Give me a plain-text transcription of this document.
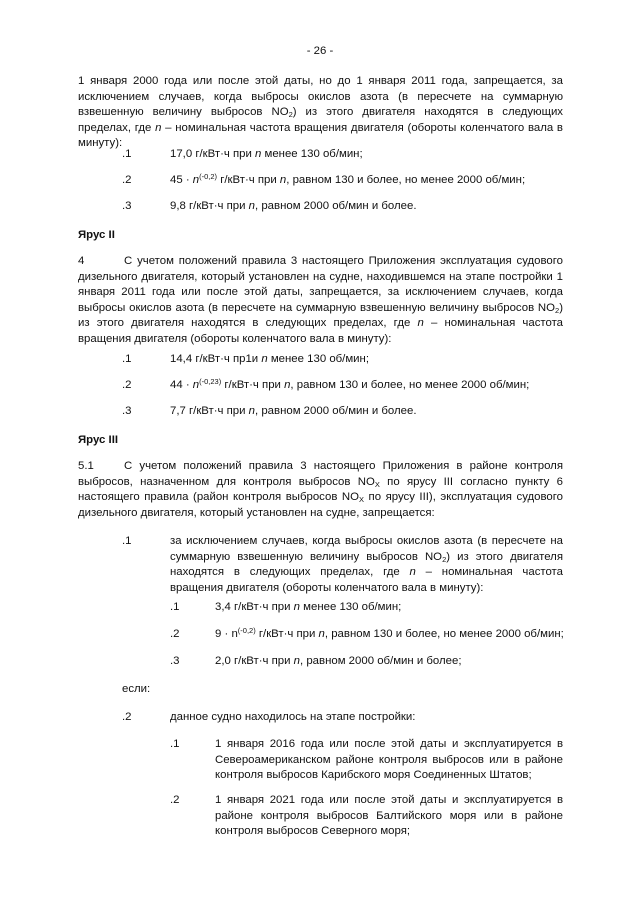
- 26 -
1 января 2000 года или после этой даты, но до 1 января 2011 года, запрещается, за исключением случаев, когда выбросы окислов азота (в пересчете на суммарную взвешенную величину выбросов $NO_2$) из этого двигателя находятся в следующих пределах, где n – номинальная частота вращения двигателя (обороты коленчатого вала в минуту):
.1	17,0 г/кВт·ч при n менее 130 об/мин;
.2	$45 \cdot n^{(-0,2)}$ г/кВт·ч при n, равном 130 и более, но менее 2000 об/мин;
.3	9,8 г/кВт·ч при n, равном 2000 об/мин и более.
Ярус II
4	С учетом положений правила 3 настоящего Приложения эксплуатация судового дизельного двигателя, который установлен на судне, находившемся на этапе постройки 1 января 2011 года или после этой даты, запрещается, за исключением случаев, когда выбросы окислов азота (в пересчете на суммарную взвешенную величину выбросов $NO_2$) из этого двигателя находятся в следующих пределах, где n – номинальная частота вращения двигателя (обороты коленчатого вала в минуту):
.1	14,4 г/кВт·ч пр1и n менее 130 об/мин;
.2	$44 \cdot n^{(-0,23)}$ г/кВт·ч при n, равном 130 и более, но менее 2000 об/мин;
.3	7,7 г/кВт·ч при n, равном 2000 об/мин и более.
Ярус III
5.1	С учетом положений правила 3 настоящего Приложения в районе контроля выбросов, назначенном для контроля выбросов $NO_X$ по ярусу III согласно пункту 6 настоящего правила (район контроля выбросов $NO_X$ по ярусу III), эксплуатация судового дизельного двигателя, который установлен на судне, запрещается:
.1	за исключением случаев, когда выбросы окислов азота (в пересчете на суммарную взвешенную величину выбросов $NO_2$) из этого двигателя находятся в следующих пределах, где n – номинальная частота вращения двигателя (обороты коленчатого вала в минуту):
.1	3,4 г/кВт·ч при n менее 130 об/мин;
.2	$9 \cdot n^{(-0,2)}$ г/кВт·ч при n, равном 130 и более, но менее 2000 об/мин;
.3	2,0 г/кВт·ч при n, равном 2000 об/мин и более;
если:
.2	данное судно находилось на этапе постройки:
.1	1 января 2016 года или после этой даты и эксплуатируется в Североамериканском районе контроля выбросов или в районе контроля выбросов Карибского моря Соединенных Штатов;
.2	1 января 2021 года или после этой даты и эксплуатируется в районе контроля выбросов Балтийского моря или в районе контроля выбросов Северного моря;
